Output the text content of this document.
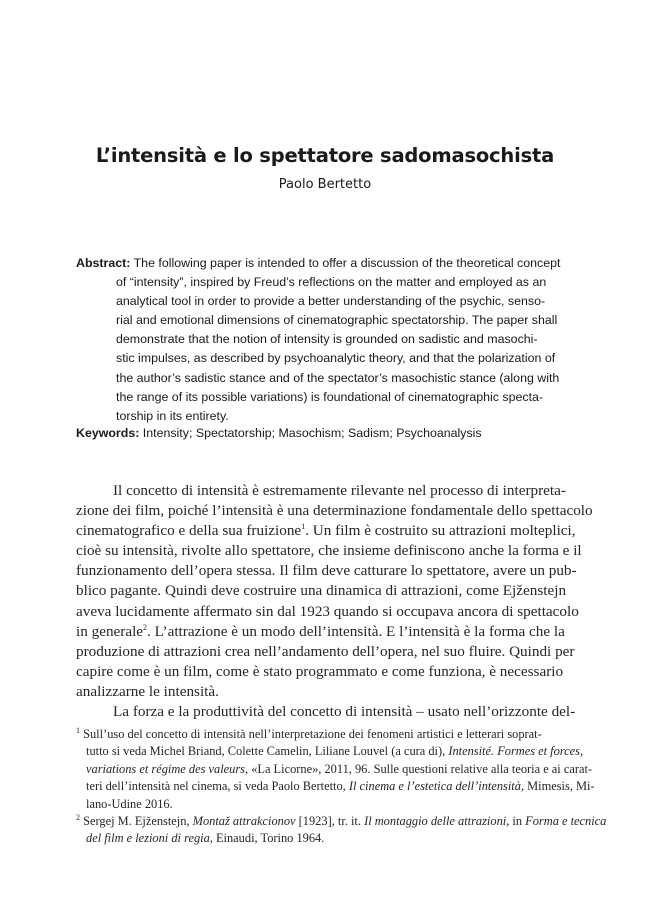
L’intensità e lo spettatore sadomasochista
Paolo Bertetto
Abstract: The following paper is intended to offer a discussion of the theoretical concept
of “intensity”, inspired by Freud’s reflections on the matter and employed as an
analytical tool in order to provide a better understanding of the psychic, senso-
rial and emotional dimensions of cinematographic spectatorship. The paper shall
demonstrate that the notion of intensity is grounded on sadistic and masochi-
stic impulses, as described by psychoanalytic theory, and that the polarization of
the author’s sadistic stance and of the spectator’s masochistic stance (along with
the range of its possible variations) is foundational of cinematographic specta-
torship in its entirety.
Keywords: Intensity; Spectatorship; Masochism; Sadism; Psychoanalysis
Il concetto di intensità è estremamente rilevante nel processo di interpreta-
zione dei film, poiché l’intensità è una determinazione fondamentale dello spettacolo
cinematografico e della sua fruizione$^1$. Un film è costruito su attrazioni molteplici,
cioè su intensità, rivolte allo spettatore, che insieme definiscono anche la forma e il
funzionamento dell’opera stessa. Il film deve catturare lo spettatore, avere un pub-
blico pagante. Quindi deve costruire una dinamica di attrazioni, come Ejženstejn
aveva lucidamente affermato sin dal 1923 quando si occupava ancora di spettacolo
in generale$^2$. L’attrazione è un modo dell’intensità. E l’intensità è la forma che la
produzione di attrazioni crea nell’andamento dell’opera, nel suo fluire. Quindi per
capire come è un film, come è stato programmato e come funziona, è necessario
analizzarne le intensità.
La forza e la produttività del concetto di intensità – usato nell’orizzonte del-
$^1$ Sull’uso del concetto di intensità nell’interpretazione dei fenomeni artistici e letterari soprat-
tutto si veda Michel Briand, Colette Camelin, Liliane Louvel (a cura di), Intensité. Formes et forces,
variations et régime des valeurs, «La Licorne», 2011, 96. Sulle questioni relative alla teoria e ai carat-
teri dell’intensità nel cinema, si veda Paolo Bertetto, Il cinema e l’estetica dell’intensità, Mimesis, Mi-
lano-Udine 2016.
$^2$ Sergej M. Ejženstejn, Montaž attrakcionov [1923], tr. it. Il montaggio delle attrazioni, in Forma e tecnica
del film e lezioni di regia, Einaudi, Torino 1964.
